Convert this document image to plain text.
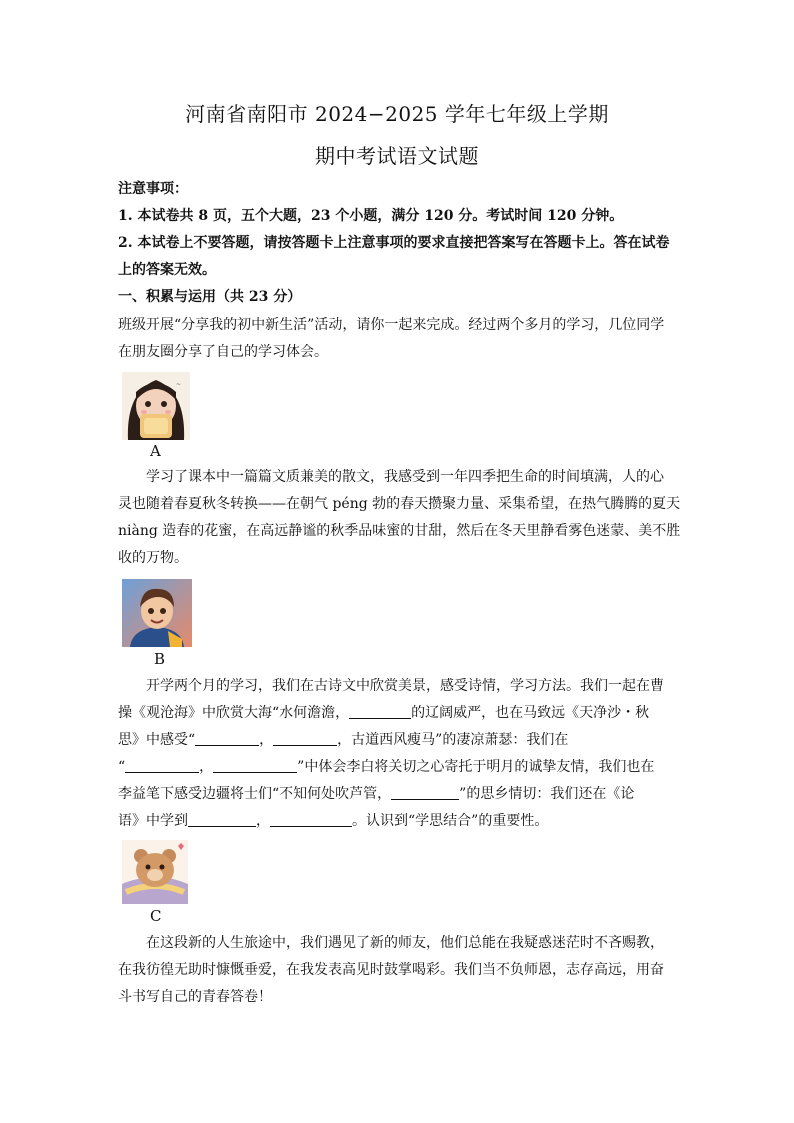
河南省南阳市 2024−2025 学年七年级上学期
期中考试语文试题
注意事项：
1. 本试卷共 8 页，五个大题，23 个小题，满分 120 分。考试时间 120 分钟。
2. 本试卷上不要答题，请按答题卡上注意事项的要求直接把答案写在答题卡上。答在试卷
上的答案无效。
一、积累与运用（共 23 分）
班级开展“分享我的初中新生活”活动，请你一起来完成。经过两个多月的学习，几位同学
在朋友圈分享了自己的学习体会。
~
A
学习了课本中一篇篇文质兼美的散文，我感受到一年四季把生命的时间填满，人的心
灵也随着春夏秋冬转换——在朝气 péng 勃的春天攒聚力量、采集希望，在热气腾腾的夏天
niàng 造春的花蜜，在高远静谧的秋季品味蜜的甘甜，然后在冬天里静看雾色迷蒙、美不胜
收的万物。
B
开学两个月的学习，我们在古诗文中欣赏美景，感受诗情，学习方法。我们一起在曹
操《观沧海》中欣赏大海“水何澹澹，	的辽阔威严，也在马致远《天净沙・秋
思》中感受“	，	，古道西风瘦马”的凄凉萧瑟：我们在
“	，	”中体会李白将关切之心寄托于明月的诚挚友情，我们也在
李益笔下感受边疆将士们“不知何处吹芦管，	”的思乡情切：我们还在《论
语》中学到	，	。认识到“学思结合”的重要性。
C
在这段新的人生旅途中，我们遇见了新的师友，他们总能在我疑惑迷茫时不吝赐教，
在我彷徨无助时慷慨垂爱，在我发表高见时鼓掌喝彩。我们当不负师恩，志存高远，用奋
斗书写自己的青春答卷！
